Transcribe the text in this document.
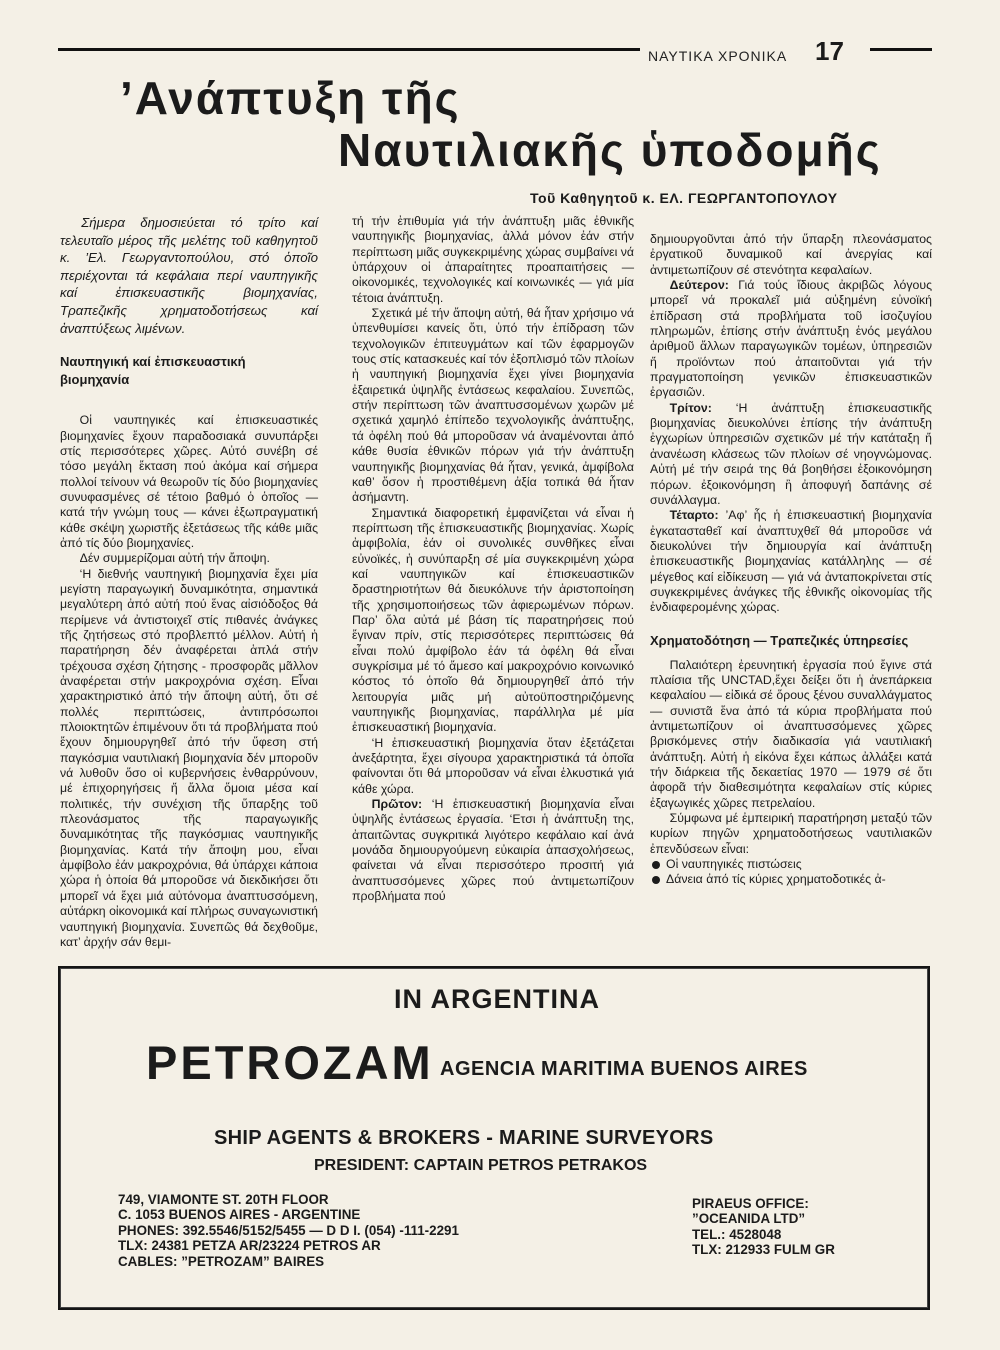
ΝΑΥΤΙΚΑ ΧΡΟΝΙΚΑ 17
’Ανάπτυξη τῆς
Ναυτιλιακῆς ὑποδομῆς
Τοῦ Καθηγητοῦ κ. ΕΛ. ΓΕΩΡΓΑΝΤΟΠΟΥΛΟΥ

Σήμερα δημοσιεύεται τό τρίτο καί τελευταῖο μέρος τῆς μελέτης τοῦ καθηγητοῦ κ. ’Ελ. Γεωργαντοπούλου, στό ὁποῖο περιέχονται τά κεφάλαια περί ναυπηγικῆς καί ἐπισκευαστικῆς βιομηχανίας, Τραπεζικῆς χρηματοδοτήσεως καί ἀναπτύξεως λιμένων.

Ναυπηγική καί ἐπισκευαστική βιομηχανία

Οἱ ναυπηγικές καί ἐπισκευαστικές βιομηχανίες ἔχουν παραδοσιακά συνυπάρξει στίς περισσότερες χῶρες. Αὐτό συνέβη σέ τόσο μεγάλη ἔκταση πού ἀκόμα καί σήμερα πολλοί τείνουν νά θεωροῦν τίς δύο βιομηχανίες συνυφασμένες σέ τέτοιο βαθμό ὁ ὁποῖος — κατά τήν γνώμη τους — κάνει ἐξωπραγματική κάθε σκέψη χωριστῆς ἐξετάσεως τῆς κάθε μιᾶς ἀπό τίς δύο βιομηχανίες.

Δέν συμμερίζομαι αὐτή τήν ἄποψη.

‘Η διεθνής ναυπηγική βιομηχανία ἔχει μία μεγίστη παραγωγική δυναμικότητα, σημαντικά μεγαλύτερη ἀπό αὐτή πού ἕνας αἰσιόδοξος θά περίμενε νά ἀντιστοιχεῖ στίς πιθανές ἀνάγκες τῆς ζητήσεως στό προβλεπτό μέλλον. Αὐτή ἡ παρατήρηση δέν ἀναφέρεται ἁπλά στήν τρέχουσα σχέση ζήτησης - προσφορᾶς μᾶλλον ἀναφέρεται στήν μακροχρόνια σχέση. Εἶναι χαρακτηριστικό ἀπό τήν ἄποψη αὐτή, ὅτι σέ πολλές περιπτώσεις, ἀντιπρόσωποι πλοιοκτητῶν ἐπιμένουν ὅτι τά προβλήματα πού ἔχουν δημιουργηθεῖ ἀπό τήν ὕφεση στή παγκόσμια ναυτιλιακή βιομηχανία δέν μποροῦν νά λυθοῦν ὅσο οἱ κυβερνήσεις ἐνθαρρύνουν, μέ ἐπιχορηγήσεις ἤ ἄλλα ὅμοια μέσα καί πολιτικές, τήν συνέχιση τῆς ὕπαρξης τοῦ πλεονάσματος τῆς παραγωγικῆς δυναμικότητας τῆς παγκόσμιας ναυπηγικῆς βιομηχανίας. Κατά τήν ἄποψη μου, εἶναι ἀμφίβολο ἐάν μακροχρόνια, θά ὑπάρχει κάποια χώρα ἡ ὁποία θά μποροῦσε νά διεκδικήσει ὅτι μπορεῖ νά ἔχει μιά αὐτόνομα ἀναπτυσσόμενη, αὐτάρκη οἰκονομικά καί πλήρως συναγωνιστική ναυπηγική βιομηχανία. Συνεπῶς θά δεχθοῦμε, κατ’ ἀρχήν σάν θεμι-

τή τήν ἐπιθυμία γιά τήν ἀνάπτυξη μιᾶς ἐθνικῆς ναυπηγικῆς βιομηχανίας, ἀλλά μόνον ἐάν στήν περίπτωση μιᾶς συγκεκριμένης χώρας συμβαίνει νά ὑπάρχουν οἱ ἀπαραίτητες προαπαιτήσεις — οἰκονομικές, τεχνολογικές καί κοινωνικές — γιά μία τέτοια ἀνάπτυξη.

Σχετικά μέ τήν ἄποψη αὐτή, θά ἦταν χρήσιμο νά ὑπενθυμίσει κανείς ὅτι, ὑπό τήν ἐπίδραση τῶν τεχνολογικῶν ἐπιτευγμάτων καί τῶν ἐφαρμογῶν τους στίς κατασκευές καί τόν ἐξοπλισμό τῶν πλοίων ἡ ναυπηγική βιομηχανία ἔχει γίνει βιομηχανία ἐξαιρετικά ὑψηλῆς ἐντάσεως κεφαλαίου. Συνεπῶς, στήν περίπτωση τῶν ἀναπτυσσομένων χωρῶν μέ σχετικά χαμηλό ἐπίπεδο τεχνολογικῆς ἀνάπτυξης, τά ὀφέλη πού θά μποροῦσαν νά ἀναμένονται ἀπό κάθε θυσία ἐθνικῶν πόρων γιά τήν ἀνάπτυξη ναυπηγικῆς βιομηχανίας θά ἦταν, γενικά, ἀμφίβολα καθ’ ὅσον ἡ προστιθέμενη ἀξία τοπικά θά ἦταν ἀσήμαντη.

Σημαντικά διαφορετική ἐμφανίζεται νά εἶναι ἡ περίπτωση τῆς ἐπισκευαστικῆς βιομηχανίας. Χωρίς ἀμφιβολία, ἐάν οἱ συνολικές συνθῆκες εἶναι εὐνοϊκές, ἡ συνύπαρξη σέ μία συγκεκριμένη χώρα καί ναυπηγικῶν καί ἐπισκευαστικῶν δραστηριοτήτων θά διευκόλυνε τήν ἀριστοποίηση τῆς χρησιμοποιήσεως τῶν ἀφιερωμένων πόρων. Παρ’ ὅλα αὐτά μέ βάση τίς παρατηρήσεις πού ἔγιναν πρίν, στίς περισσότερες περιπτώσεις θά εἶναι πολύ ἀμφίβολο ἐάν τά ὀφέλη θά εἶναι συγκρίσιμα μέ τό ἄμεσο καί μακροχρόνιο κοινωνικό κόστος τό ὁποῖο θά δημιουργηθεῖ ἀπό τήν λειτουργία μιᾶς μή αὐτοϋποστηριζόμενης ναυπηγικῆς βιομηχανίας, παράλληλα μέ μία ἐπισκευαστική βιομηχανία.

‘Η ἐπισκευαστική βιομηχανία ὅταν ἐξετάζεται ἀνεξάρτητα, ἔχει σίγουρα χαρακτηριστικά τά ὁποῖα φαίνονται ὅτι θά μποροῦσαν νά εἶναι ἑλκυστικά γιά κάθε χώρα.

Πρῶτον: ‘Η ἐπισκευαστική βιομηχανία εἶναι ὑψηλῆς ἐντάσεως ἐργασία. ‘Ετσι ἡ ἀνάπτυξη της, ἀπαιτῶντας συγκριτικά λιγότερο κεφάλαιο καί ἀνά μονάδα δημιουργούμενη εὐκαιρία ἀπασχολήσεως, φαίνεται νά εἶναι περισσότερο προσιτή γιά ἀναπτυσσόμενες χῶρες πού ἀντιμετωπίζουν προβλήματα πού

δημιουργοῦνται ἀπό τήν ὕπαρξη πλεονάσματος ἐργατικοῦ δυναμικοῦ καί ἀνεργίας καί ἀντιμετωπίζουν σέ στενότητα κεφαλαίων.

Δεύτερον: Γιά τούς ἴδιους ἀκριβῶς λόγους μπορεῖ νά προκαλεῖ μιά αὐξημένη εὐνοϊκή ἐπίδραση στά προβλήματα τοῦ ἰσοζυγίου πληρωμῶν, ἐπίσης στήν ἀνάπτυξη ἑνός μεγάλου ἀριθμοῦ ἄλλων παραγωγικῶν τομέων, ὑπηρεσιῶν ἤ προϊόντων πού ἀπαιτοῦνται γιά τήν πραγματοποίηση γενικῶν ἐπισκευαστικῶν ἐργασιῶν.

Τρίτον: ‘Η ἀνάπτυξη ἐπισκευαστικῆς βιομηχανίας διευκολύνει ἐπίσης τήν ἀνάπτυξη ἐγχωρίων ὑπηρεσιῶν σχετικῶν μέ τήν κατάταξη ἤ ἀνανέωση κλάσεως τῶν πλοίων σέ νηογνώμονας. Αὐτή μέ τήν σειρά της θά βοηθήσει ἐξοικονόμηση πόρων. ἐξοικονόμηση ἢ ἀποφυγή δαπάνης σέ συνάλλαγμα.

Τέταρτο: ’Αφ’ ἧς ἡ ἐπισκευαστική βιομηχανία ἐγκατασταθεῖ καί ἀναπτυχθεῖ θά μποροῦσε νά διευκολύνει τήν δημιουργία καί ἀνάπτυξη ἐπισκευαστικῆς βιομηχανίας κατάλληλης — σέ μέγεθος καί εἰδίκευση — γιά νά ἀνταποκρίνεται στίς συγκεκριμένες ἀνάγκες τῆς ἐθνικῆς οἰκονομίας τῆς ἐνδιαφερομένης χώρας.

Χρηματοδότηση — Τραπεζικές ὑπηρεσίες

Παλαιότερη ἐρευνητική ἐργασία πού ἔγινε στά πλαίσια τῆς UNCTAD,ἔχει δείξει ὅτι ἡ ἀνεπάρκεια κεφαλαίου — εἰδικά σέ ὅρους ξένου συναλλάγματος — συνιστᾶ ἕνα ἀπό τά κύρια προβλήματα πού ἀντιμετωπίζουν οἱ ἀναπτυσσόμενες χῶρες βρισκόμενες στήν διαδικασία γιά ναυτιλιακή ἀνάπτυξη. Αὐτή ἡ εἰκόνα ἔχει κάπως ἀλλάξει κατά τήν διάρκεια τῆς δεκαετίας 1970 — 1979 σέ ὅτι ἀφορᾶ τήν διαθεσιμότητα κεφαλαίων στίς κύριες ἐξαγωγικές χῶρες πετρελαίου.

Σύμφωνα μέ ἐμπειρική παρατήρηση μεταξύ τῶν κυρίων πηγῶν χρηματοδοτήσεως ναυτιλιακῶν ἐπενδύσεων εἶναι:

Οἱ ναυπηγικές πιστώσεις

Δάνεια ἀπό τίς κύριες χρηματοδοτικές ἀ-

IN ARGENTINA
PETROZAM AGENCIA MARITIMA BUENOS AIRES
SHIP AGENTS & BROKERS - MARINE SURVEYORS
PRESIDENT: CAPTAIN PETROS PETRAKOS
749, VIAMONTE ST. 20TH FLOOR
C. 1053 BUENOS AIRES - ARGENTINE
PHONES: 392.5546/5152/5455 — D D I. (054) -111-2291
TLX: 24381 PETZA AR/23224 PETROS AR
CABLES: ”PETROZAM” BAIRES
PIRAEUS OFFICE:
”OCEANIDA LTD”
TEL.: 4528048
TLX: 212933 FULM GR
